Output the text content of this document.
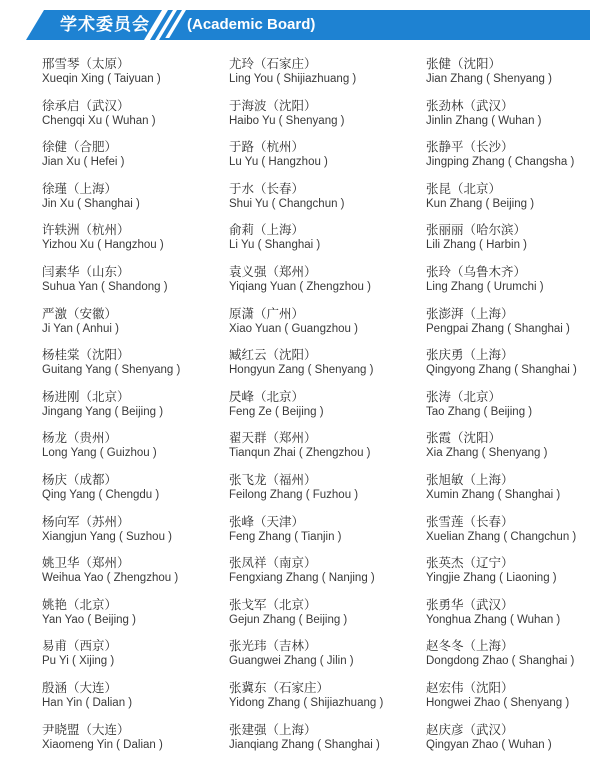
学术委员会 (Academic Board)
邢雪琴（太原）
Xueqin Xing ( Taiyuan )
徐承启（武汉）
Chengqi Xu ( Wuhan )
徐健（合肥）
Jian Xu ( Hefei )
徐瑾（上海）
Jin Xu ( Shanghai )
许轶洲（杭州）
Yizhou Xu ( Hangzhou )
闫素华（山东）
Suhua Yan ( Shandong )
严激（安徽）
Ji Yan ( Anhui )
杨桂棠（沈阳）
Guitang Yang ( Shenyang )
杨进刚（北京）
Jingang Yang ( Beijing )
杨龙（贵州）
Long Yang ( Guizhou )
杨庆（成都）
Qing Yang ( Chengdu )
杨向军（苏州）
Xiangjun Yang ( Suzhou )
姚卫华（郑州）
Weihua Yao ( Zhengzhou )
姚艳（北京）
Yan Yao ( Beijing )
易甫（西京）
Pu Yi ( Xijing )
殷涵（大连）
Han Yin ( Dalian )
尹晓盟（大连）
Xiaomeng Yin ( Dalian )
尤玲（石家庄）
Ling You ( Shijiazhuang )
于海波（沈阳）
Haibo Yu ( Shenyang )
于路（杭州）
Lu Yu ( Hangzhou )
于水（长春）
Shui Yu ( Changchun )
俞莉（上海）
Li Yu ( Shanghai )
袁义强（郑州）
Yiqiang Yuan ( Zhengzhou )
原潇（广州）
Xiao Yuan ( Guangzhou )
臧红云（沈阳）
Hongyun Zang ( Shenyang )
昃峰（北京）
Feng Ze ( Beijing )
翟天群（郑州）
Tianqun Zhai ( Zhengzhou )
张飞龙（福州）
Feilong Zhang ( Fuzhou )
张峰（天津）
Feng Zhang ( Tianjin )
张凤祥（南京）
Fengxiang Zhang ( Nanjing )
张戈军（北京）
Gejun Zhang ( Beijing )
张光玮（吉林）
Guangwei Zhang ( Jilin )
张冀东（石家庄）
Yidong Zhang ( Shijiazhuang )
张建强（上海）
Jianqiang Zhang ( Shanghai )
张健（沈阳）
Jian Zhang ( Shenyang )
张劲林（武汉）
Jinlin Zhang ( Wuhan )
张静平（长沙）
Jingping Zhang ( Changsha )
张昆（北京）
Kun Zhang ( Beijing )
张丽丽（哈尔滨）
Lili Zhang ( Harbin )
张玲（乌鲁木齐）
Ling Zhang ( Urumchi )
张澎湃（上海）
Pengpai Zhang ( Shanghai )
张庆勇（上海）
Qingyong Zhang ( Shanghai )
张涛（北京）
Tao Zhang ( Beijing )
张霞（沈阳）
Xia Zhang ( Shenyang )
张旭敏（上海）
Xumin Zhang ( Shanghai )
张雪莲（长春）
Xuelian Zhang ( Changchun )
张英杰（辽宁）
Yingjie Zhang ( Liaoning )
张勇华（武汉）
Yonghua Zhang ( Wuhan )
赵冬冬（上海）
Dongdong Zhao ( Shanghai )
赵宏伟（沈阳）
Hongwei Zhao ( Shenyang )
赵庆彦（武汉）
Qingyan Zhao ( Wuhan )
